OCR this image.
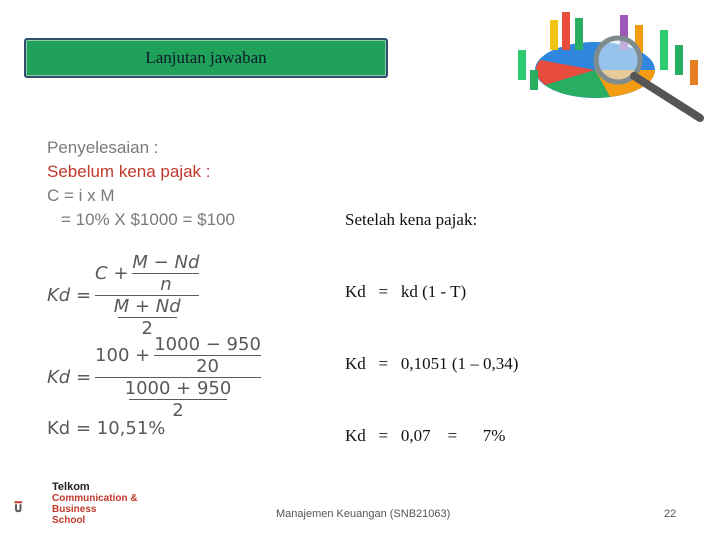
Lanjutan jawaban
Penyelesaian :
Sebelum kena pajak :
C = i x M
= 10% X $1000 = $100

	Setelah kena pajak:

Kd   =   kd (1 - T)

Kd   =   0,1051 (1 – 0,34)

Kd   =   0,07    =      7%

$Kd = \frac{C + \frac{M - Nd}{n}}{\frac{M + Nd}{2}}$
$Kd = \frac{100 + \frac{1000 - 950}{20}}{\frac{1000 + 950}{2}}$
Kd = 10,51%
Telkom
Communication &
Business
School
Manajemen Keuangan (SNB21063)	22
